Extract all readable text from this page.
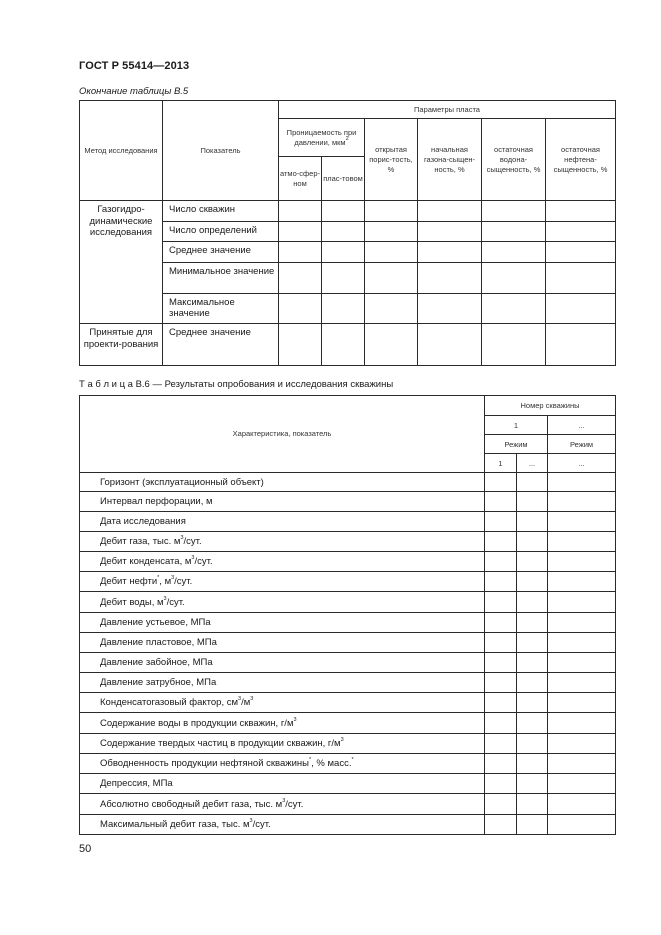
ГОСТ Р 55414—2013
Окончание таблицы В.5
Метод исследования	Показатель	Параметры пласта					
		Проницаемость при давлении, мкм$^2$		открытая порис-тость, %	начальная газона-сыщен-ность, %	остаточная водона-сыщенность, %	остаточная нефтена-сыщенность, %
		атмо-сфер-ном	плас-товом				
Газогидро-динамические исследования	Число скважин						
	Число определений						
	Среднее значение						
	Минимальное значение						
	Максимальное значение						
Принятые для проекти-рования	Среднее значение						
Т а б л и ц а В.6 — Результаты опробования и исследования скважины
Характеристика, показатель	Номер скважины		
	1		...
	Режим		Режим
	1	...	...
Горизонт (эксплуатационный объект)			
Интервал перфорации, м			
Дата исследования			
Дебит газа, тыс. $м^3$/сут.			
Дебит конденсата, $м^3$/сут.			
Дебит нефти*, $м^3$/сут.			
Дебит воды, $м^3$/сут.			
Давление устьевое, МПа			
Давление пластовое, МПа			
Давление забойное, МПа			
Давление затрубное, МПа			
Конденсатогазовый фактор, $см^3/м^3$			
Содержание воды в продукции скважин, $г/м^3$			
Содержание твердых частиц в продукции скважин, $г/м^3$			
Обводненность продукции нефтяной скважины*, % масс.*			
Депрессия, МПа			
Абсолютно свободный дебит газа, тыс. $м^3$/сут.			
Максимальный дебит газа, тыс. $м^3$/сут.			
50
